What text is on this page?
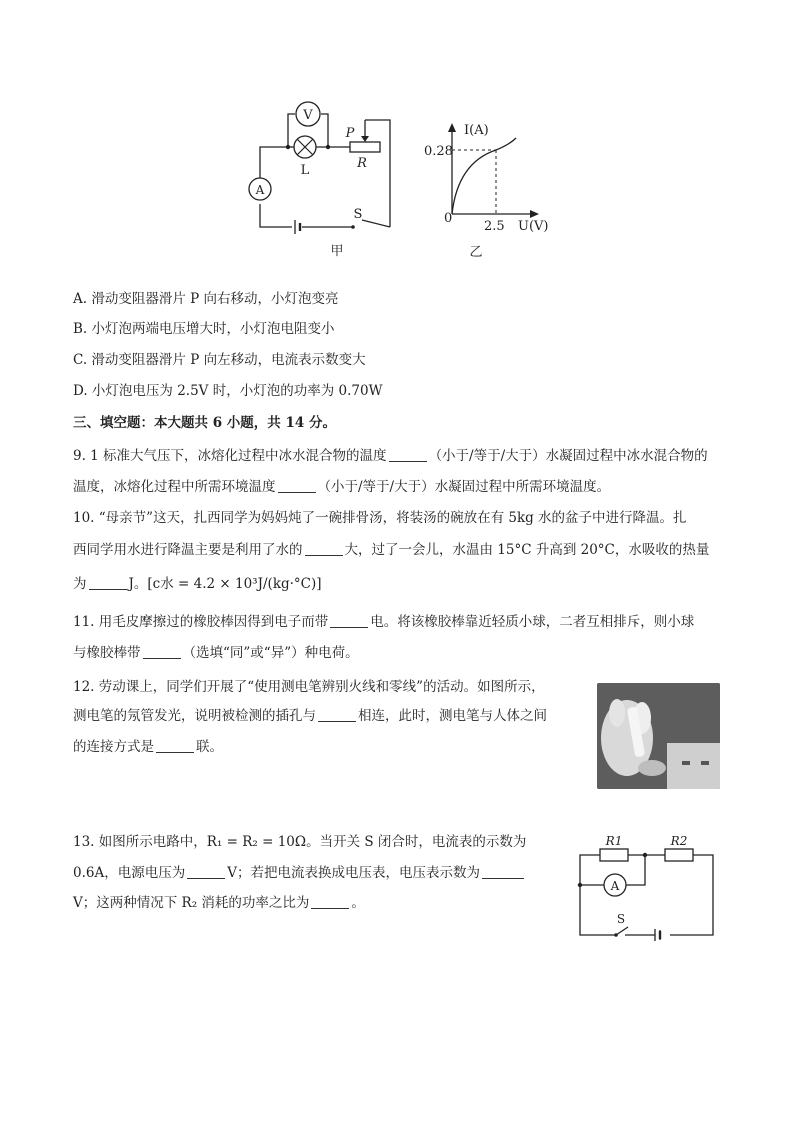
V
L
P
R
A
S
甲
I(A)
0.28
0
2.5 U(V)
乙
A. 滑动变阻器滑片 P 向右移动，小灯泡变亮
B. 小灯泡两端电压增大时，小灯泡电阻变小
C. 滑动变阻器滑片 P 向左移动，电流表示数变大
D. 小灯泡电压为 2.5V 时，小灯泡的功率为 0.70W
三、填空题：本大题共 6 小题，共 14 分。
9. 1 标准大气压下，冰熔化过程中冰水混合物的温度	（小于/等于/大于）水凝固过程中冰水混合物的
温度，冰熔化过程中所需环境温度	（小于/等于/大于）水凝固过程中所需环境温度。
10. “母亲节”这天，扎西同学为妈妈炖了一碗排骨汤，将装汤的碗放在有 5kg 水的盆子中进行降温。扎
西同学用水进行降温主要是利用了水的	大，过了一会儿，水温由 15°C 升高到 20°C，水吸收的热量
为	J。[c水 = 4.2 × 10³J/(kg·°C)]
11. 用毛皮摩擦过的橡胶棒因得到电子而带	电。将该橡胶棒靠近轻质小球，二者互相排斥，则小球
与橡胶棒带	（选填“同”或“异”）种电荷。
12. 劳动课上，同学们开展了“使用测电笔辨别火线和零线”的活动。如图所示，
测电笔的氖管发光，说明被检测的插孔与	相连，此时，测电笔与人体之间
的连接方式是	联。
13. 如图所示电路中，R₁ = R₂ = 10Ω。当开关 S 闭合时，电流表的示数为
0.6A，电源电压为	V；若把电流表换成电压表，电压表示数为
V；这两种情况下 R₂ 消耗的功率之比为	。
R1	R2
A
S
